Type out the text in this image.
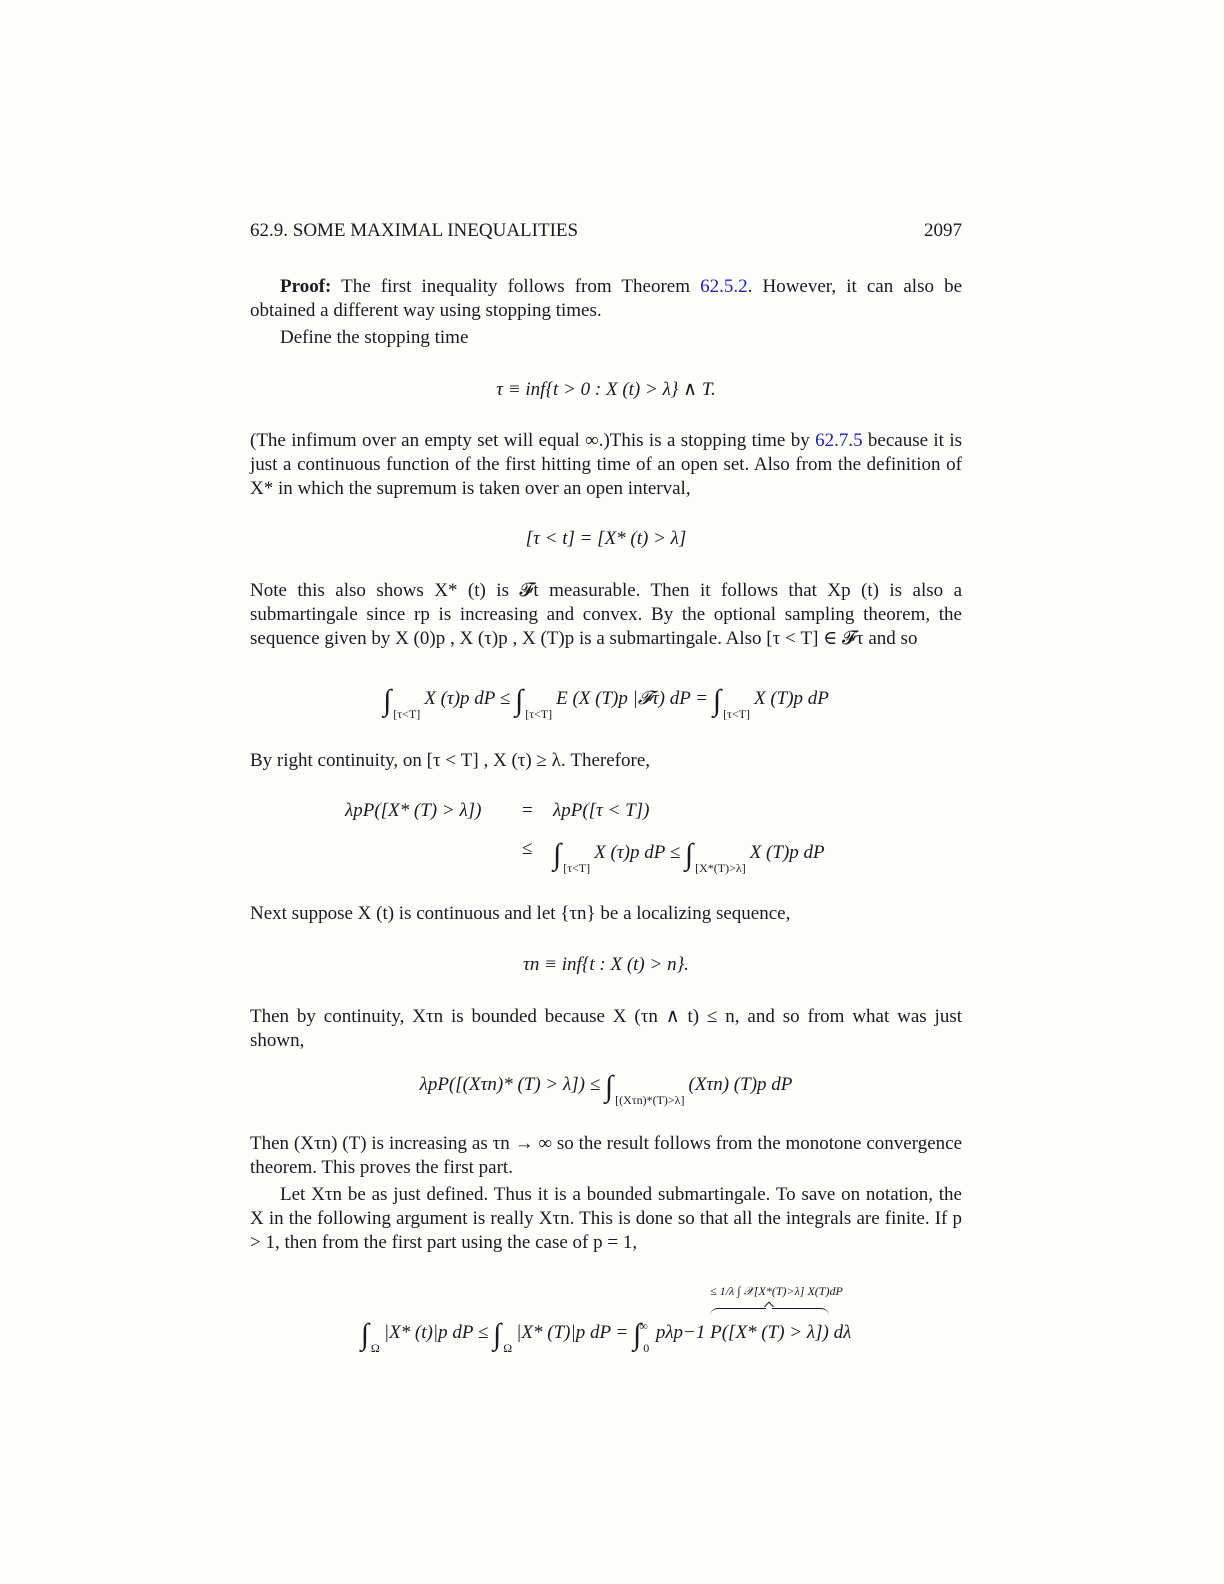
62.9. SOME MAXIMAL INEQUALITIES	2097
Proof: The first inequality follows from Theorem 62.5.2. However, it can also be obtained a different way using stopping times.
Define the stopping time
τ ≡ inf{t > 0 : X (t) > λ} ∧ T.
(The infimum over an empty set will equal ∞.)This is a stopping time by 62.7.5 because it is just a continuous function of the first hitting time of an open set. Also from the definition of X* in which the supremum is taken over an open interval,
[τ < t] = [X* (t) > λ]
Note this also shows X* (t) is 𝓕t measurable. Then it follows that Xp (t) is also a submartingale since rp is increasing and convex. By the optional sampling theorem, the sequence given by X (0)p , X (τ)p , X (T)p is a submartingale. Also [τ < T] ∈ 𝓕τ and so
∫ $_{[\tau<T]}$X (τ)p dP ≤ ∫ $_{[\tau<T]}$E (X (T)p |𝓕τ) dP = ∫ $_{[\tau<T]}$X (T)p dP
By right continuity, on [τ < T] , X (τ) ≥ λ. Therefore,
λpP([X* (T) > λ]) = λpP([τ < T])
≤ ∫ $_{[\tau<T]}$X (τ)p dP ≤ ∫ $_{[X*(T)>\lambda]}$X (T)p dP
Next suppose X (t) is continuous and let {τn} be a localizing sequence,
τn ≡ inf{t : X (t) > n}.
Then by continuity, Xτn is bounded because X (τn ∧ t) ≤ n, and so from what was just shown,
λpP([(Xτn)* (T) > λ]) ≤ ∫ $_{[(X\tau n)*(T)>\lambda]}$(Xτn) (T)p dP
Then (Xτn) (T) is increasing as τn → ∞ so the result follows from the monotone convergence theorem. This proves the first part.
Let Xτn be as just defined. Thus it is a bounded submartingale. To save on notation, the X in the following argument is really Xτn. This is done so that all the integrals are finite. If p > 1, then from the first part using the case of p = 1,
∫ $_\Omega$|X* (t)|p dP ≤ ∫ $_\Omega$|X* (T)|p dP = ∫ $_0$∞ pλp−1
≤ 1/λ ∫ 𝒳[X*(T)>λ] X(T)dP
P([X* (T) > λ]) dλ
